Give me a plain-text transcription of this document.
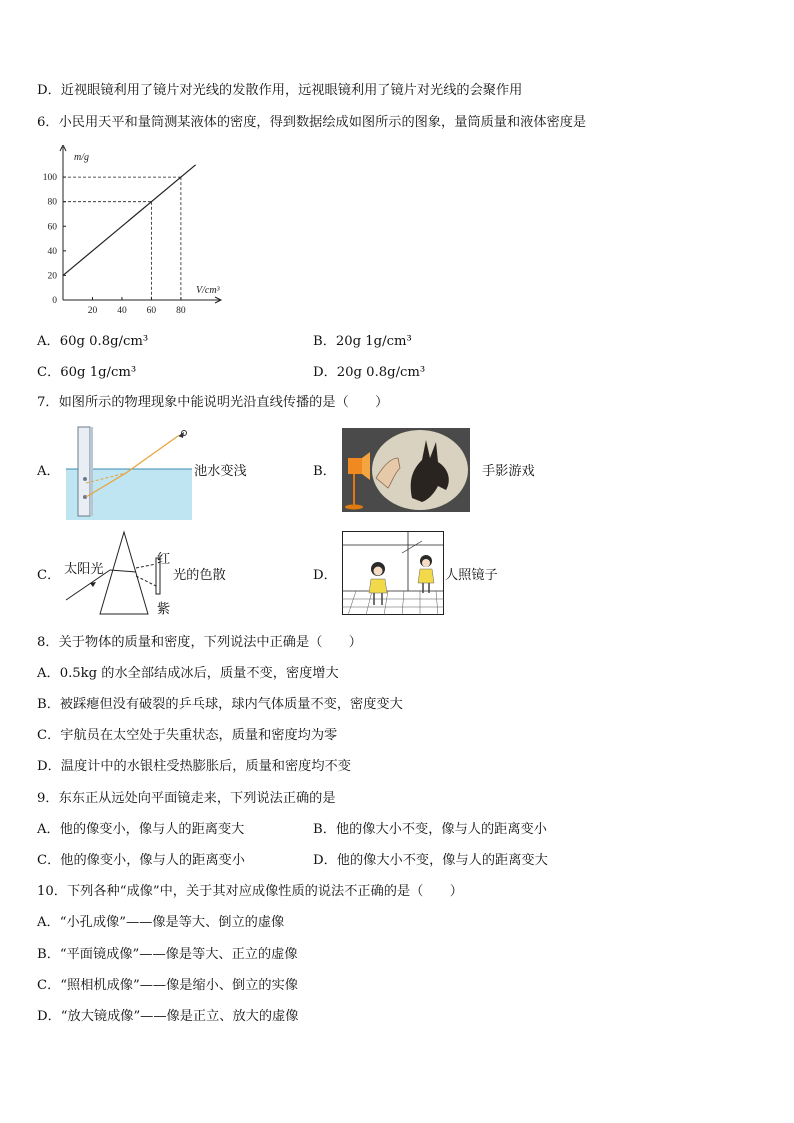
D．近视眼镜利用了镜片对光线的发散作用，远视眼镜利用了镜片对光线的会聚作用
6．小民用天平和量筒测某液体的密度，得到数据绘成如图所示的图象，量筒质量和液体密度是
0
20
40
60
80
100
20 40 60 80
m/g
V/cm³
A．60g 0.8g/cm³	B．20g 1g/cm³
C．60g 1g/cm³	D．20g 0.8g/cm³
7．如图所示的物理现象中能说明光沿直线传播的是（　　）
A．	池水变浅	B．	手影游戏
C． 太阳光
红
紫
光的色散	D．	人照镜子
8．关于物体的质量和密度，下列说法中正确是（　　）
A．0.5kg 的水全部结成冰后，质量不变，密度增大
B．被踩瘪但没有破裂的乒乓球，球内气体质量不变，密度变大
C．宇航员在太空处于失重状态，质量和密度均为零
D．温度计中的水银柱受热膨胀后，质量和密度均不变
9．东东正从远处向平面镜走来，下列说法正确的是
A．他的像变小，像与人的距离变大	B．他的像大小不变，像与人的距离变小
C．他的像变小，像与人的距离变小	D．他的像大小不变，像与人的距离变大
10．下列各种“成像”中，关于其对应成像性质的说法不正确的是（　　）
A．“小孔成像”——像是等大、倒立的虚像
B．“平面镜成像”——像是等大、正立的虚像
C．“照相机成像”——像是缩小、倒立的实像
D．“放大镜成像”——像是正立、放大的虚像
